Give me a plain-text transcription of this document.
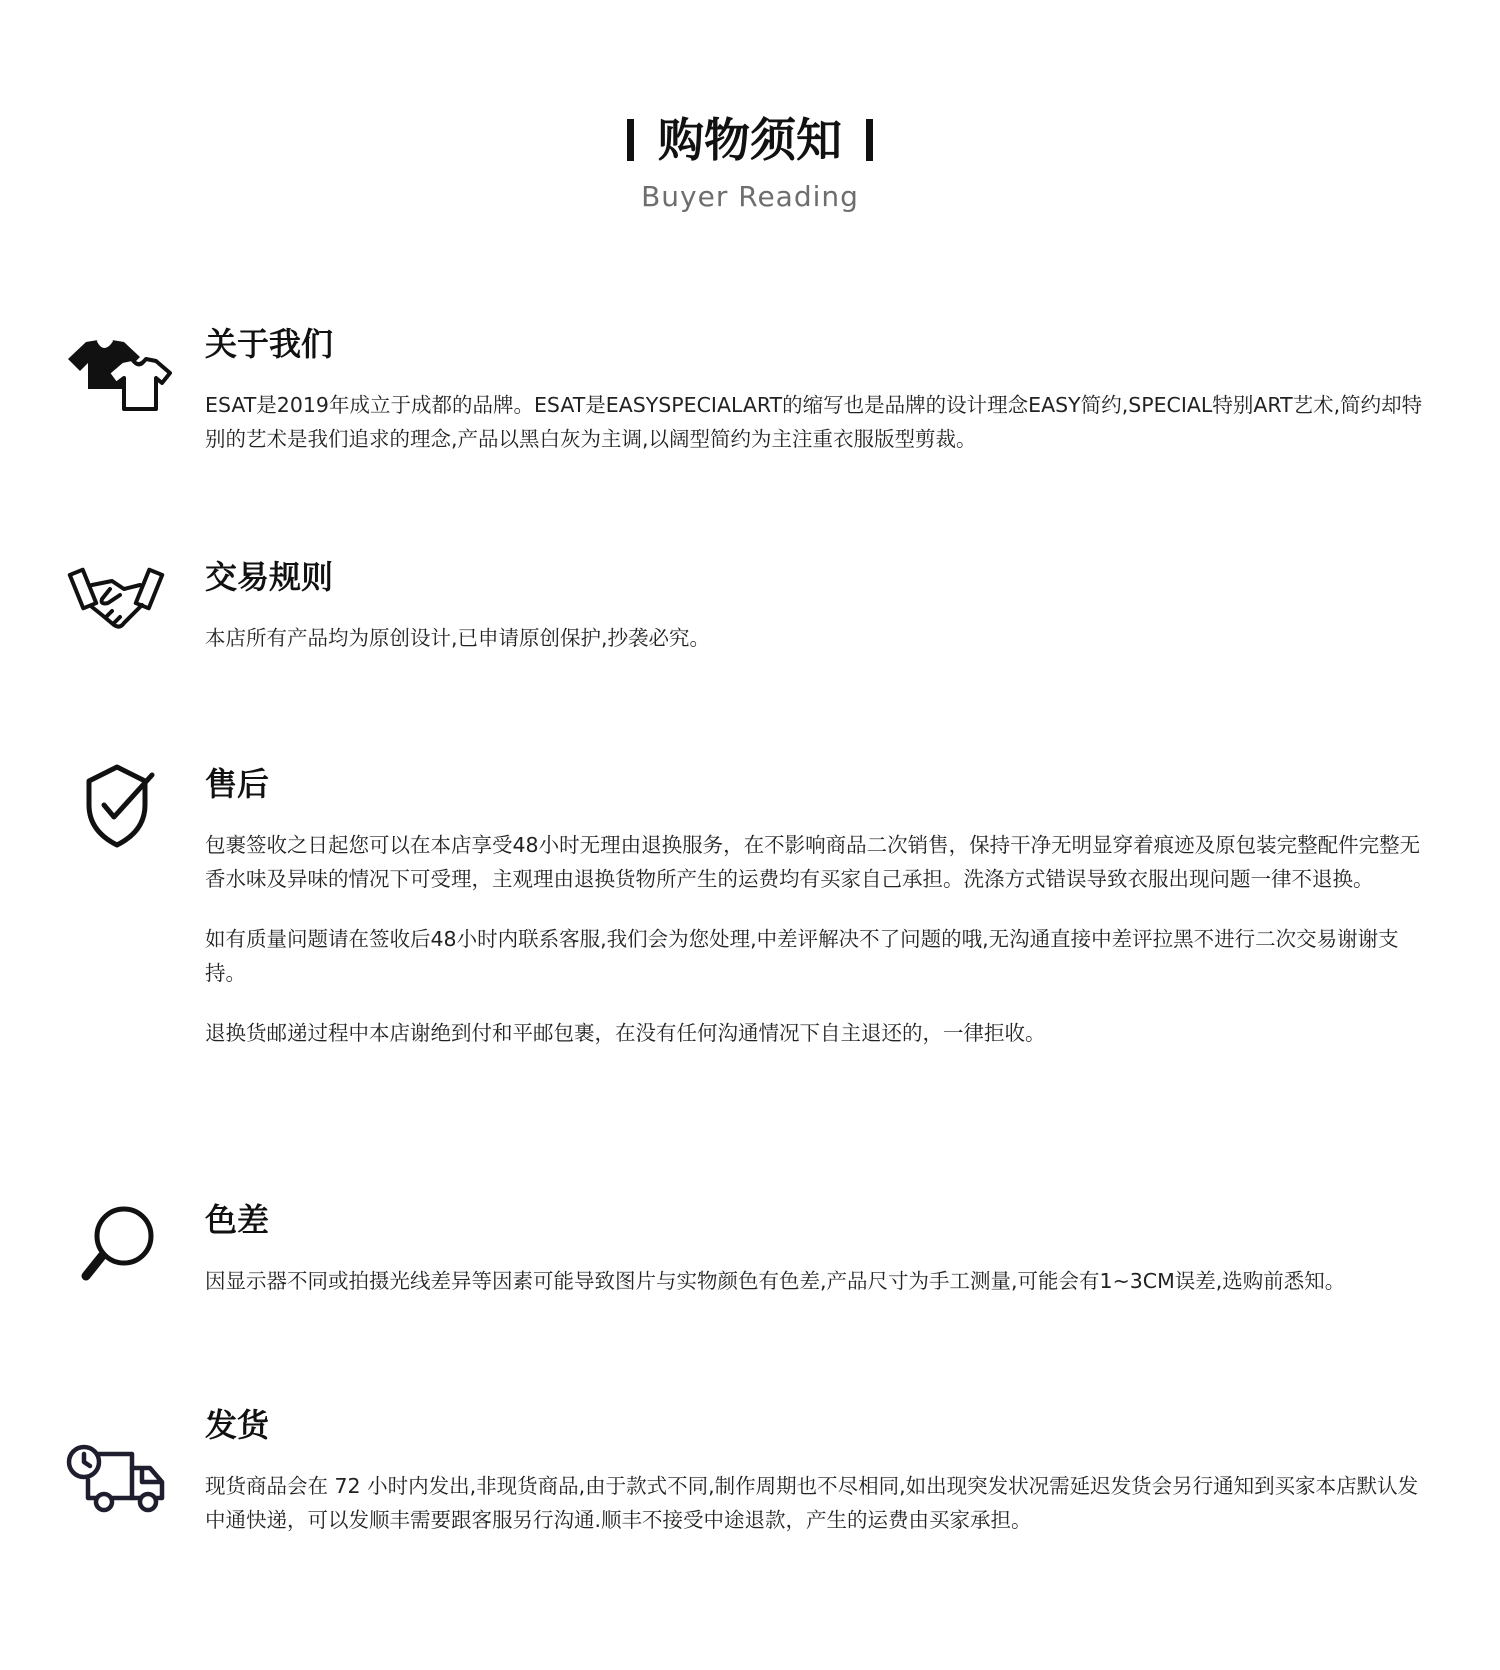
购物须知
Buyer Reading
关于我们

ESAT是2019年成立于成都的品牌。ESAT是EASYSPECIALART的缩写也是品牌的设计理念EASY简约,SPECIAL特别ART艺术,简约却特别的艺术是我们追求的理念,产品以黑白灰为主调,以阔型简约为主注重衣服版型剪裁。

交易规则

本店所有产品均为原创设计,已申请原创保护,抄袭必究。

售后

包裹签收之日起您可以在本店享受48小时无理由退换服务，在不影响商品二次销售，保持干净无明显穿着痕迹及原包装完整配件完整无香水味及异味的情况下可受理，主观理由退换货物所产生的运费均有买家自己承担。洗涤方式错误导致衣服出现问题一律不退换。

如有质量问题请在签收后48小时内联系客服,我们会为您处理,中差评解决不了问题的哦,无沟通直接中差评拉黑不进行二次交易谢谢支持。

退换货邮递过程中本店谢绝到付和平邮包裹，在没有任何沟通情况下自主退还的，一律拒收。

色差

因显示器不同或拍摄光线差异等因素可能导致图片与实物颜色有色差,产品尺寸为手工测量,可能会有1~3CM误差,选购前悉知。

发货

现货商品会在 72 小时内发出,非现货商品,由于款式不同,制作周期也不尽相同,如出现突发状况需延迟发货会另行通知到买家本店默认发中通快递，可以发顺丰需要跟客服另行沟通.顺丰不接受中途退款，产生的运费由买家承担。
